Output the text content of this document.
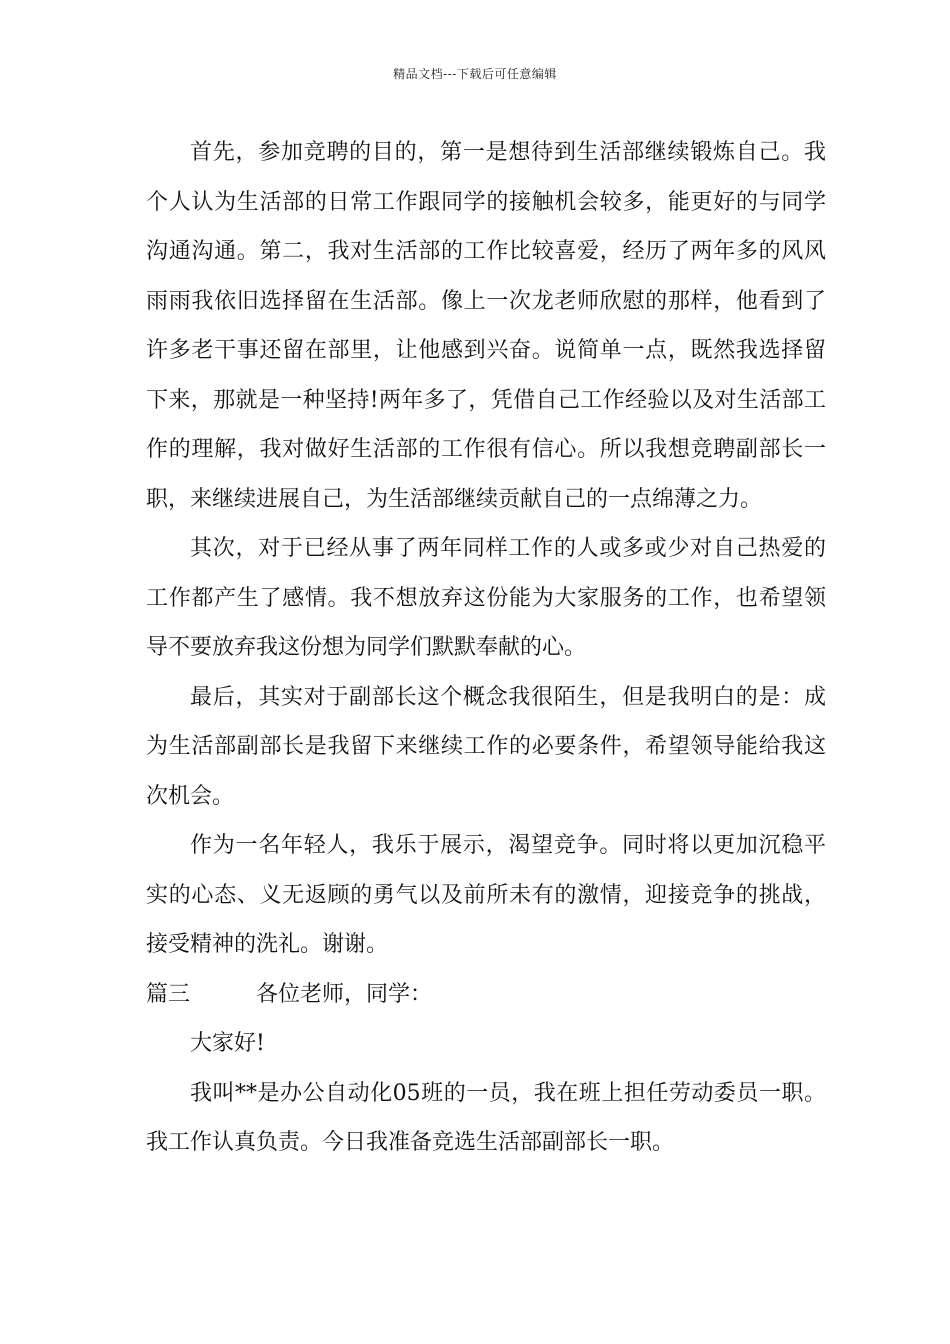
精品文档---下载后可任意编辑

首先，参加竞聘的目的，第一是想待到生活部继续锻炼自己。我个人认为生活部的日常工作跟同学的接触机会较多，能更好的与同学沟通沟通。第二，我对生活部的工作比较喜爱，经历了两年多的风风雨雨我依旧选择留在生活部。像上一次龙老师欣慰的那样，他看到了许多老干事还留在部里，让他感到兴奋。说简单一点，既然我选择留下来，那就是一种坚持!两年多了，凭借自己工作经验以及对生活部工作的理解，我对做好生活部的工作很有信心。所以我想竞聘副部长一职，来继续进展自己，为生活部继续贡献自己的一点绵薄之力。

其次，对于已经从事了两年同样工作的人或多或少对自己热爱的工作都产生了感情。我不想放弃这份能为大家服务的工作，也希望领导不要放弃我这份想为同学们默默奉献的心。

最后，其实对于副部长这个概念我很陌生，但是我明白的是：成为生活部副部长是我留下来继续工作的必要条件，希望领导能给我这次机会。

作为一名年轻人，我乐于展示，渴望竞争。同时将以更加沉稳平实的心态、义无返顾的勇气以及前所未有的激情，迎接竞争的挑战，接受精神的洗礼。谢谢。

篇三	各位老师，同学：

大家好!

我叫**是办公自动化05班的一员，我在班上担任劳动委员一职。我工作认真负责。今日我准备竞选生活部副部长一职。
